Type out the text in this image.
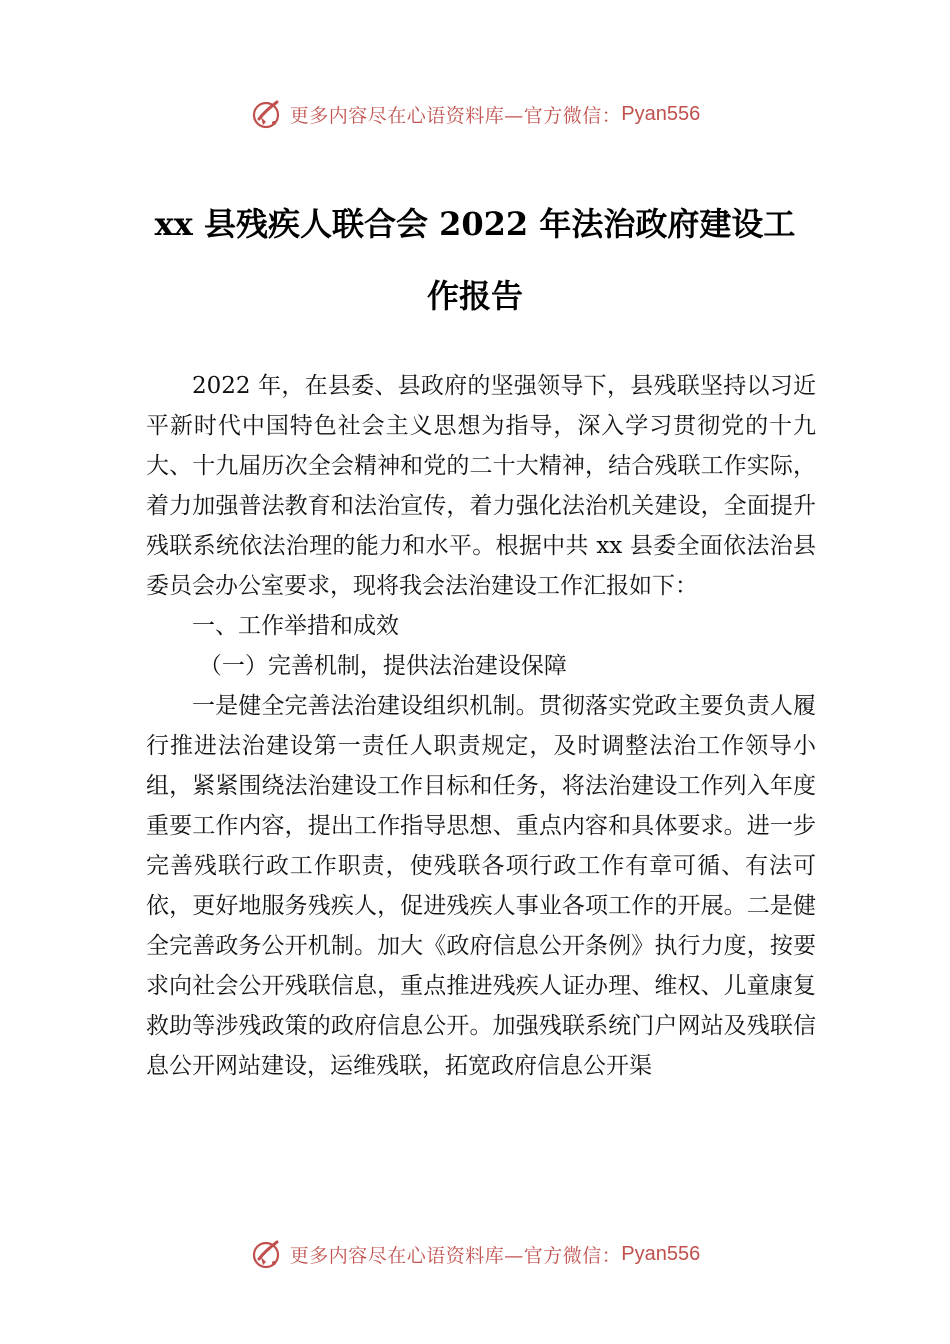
更多内容尽在心语资料库—官方微信： Pyan556
xx 县残疾人联合会 2022 年法治政府建设工作报告

2022 年，在县委、县政府的坚强领导下，县残联坚持以习近平新时代中国特色社会主义思想为指导，深入学习贯彻党的十九大、十九届历次全会精神和党的二十大精神，结合残联工作实际，着力加强普法教育和法治宣传，着力强化法治机关建设，全面提升残联系统依法治理的能力和水平。根据中共 xx 县委全面依法治县委员会办公室要求，现将我会法治建设工作汇报如下：

一、工作举措和成效

（一）完善机制，提供法治建设保障

一是健全完善法治建设组织机制。贯彻落实党政主要负责人履行推进法治建设第一责任人职责规定，及时调整法治工作领导小组，紧紧围绕法治建设工作目标和任务，将法治建设工作列入年度重要工作内容，提出工作指导思想、重点内容和具体要求。进一步完善残联行政工作职责，使残联各项行政工作有章可循、有法可依，更好地服务残疾人，促进残疾人事业各项工作的开展。二是健全完善政务公开机制。加大《政府信息公开条例》执行力度，按要求向社会公开残联信息，重点推进残疾人证办理、维权、儿童康复救助等涉残政策的政府信息公开。加强残联系统门户网站及残联信息公开网站建设，运维残联，拓宽政府信息公开渠

更多内容尽在心语资料库—官方微信： Pyan556
